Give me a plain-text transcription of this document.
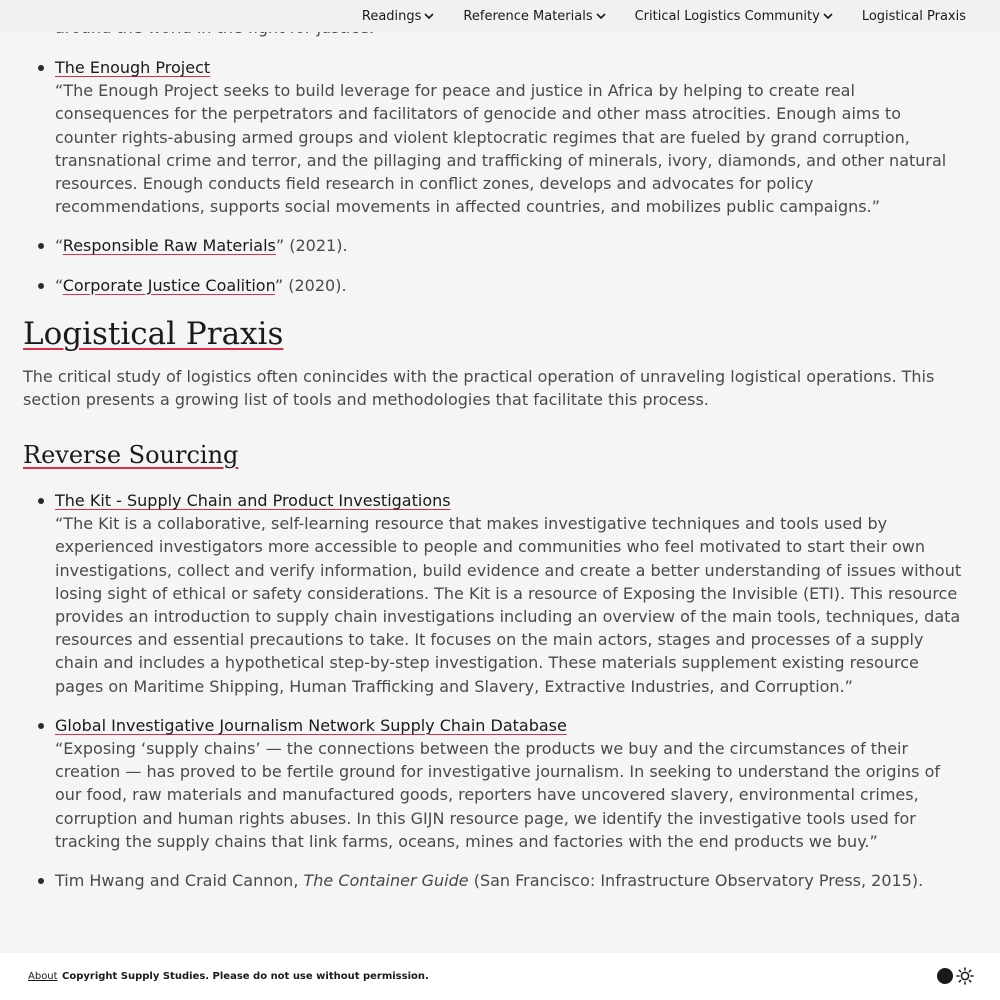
Readings	Reference Materials	Critical Logistics Community	Logistical Praxis
The Enough Project
“The Enough Project seeks to build leverage for peace and justice in Africa by helping to create real consequences for the perpetrators and facilitators of genocide and other mass atrocities. Enough aims to counter rights-abusing armed groups and violent kleptocratic regimes that are fueled by grand corruption, transnational crime and terror, and the pillaging and trafficking of minerals, ivory, diamonds, and other natural resources. Enough conducts field research in conflict zones, develops and advocates for policy recommendations, supports social movements in affected countries, and mobilizes public campaigns.”
“Responsible Raw Materials” (2021).
“Corporate Justice Coalition” (2020).
Logistical Praxis

The critical study of logistics often conincides with the practical operation of unraveling logistical operations. This section presents a growing list of tools and methodologies that facilitate this process.

Reverse Sourcing
The Kit - Supply Chain and Product Investigations
“The Kit is a collaborative, self-learning resource that makes investigative techniques and tools used by experienced investigators more accessible to people and communities who feel motivated to start their own investigations, collect and verify information, build evidence and create a better understanding of issues without losing sight of ethical or safety considerations. The Kit is a resource of Exposing the Invisible (ETI). This resource provides an introduction to supply chain investigations including an overview of the main tools, techniques, data resources and essential precautions to take. It focuses on the main actors, stages and processes of a supply chain and includes a hypothetical step-by-step investigation. These materials supplement existing resource pages on Maritime Shipping, Human Trafficking and Slavery, Extractive Industries, and Corruption.”
Global Investigative Journalism Network Supply Chain Database
“Exposing ‘supply chains’ — the connections between the products we buy and the circumstances of their creation — has proved to be fertile ground for investigative journalism. In seeking to understand the origins of our food, raw materials and manufactured goods, reporters have uncovered slavery, environmental crimes, corruption and human rights abuses. In this GIJN resource page, we identify the investigative tools used for tracking the supply chains that link farms, oceans, mines and factories with the end products we buy.”
Tim Hwang and Craid Cannon, The Container Guide (San Francisco: Infrastructure Observatory Press, 2015).
About Copyright Supply Studies. Please do not use without permission.
